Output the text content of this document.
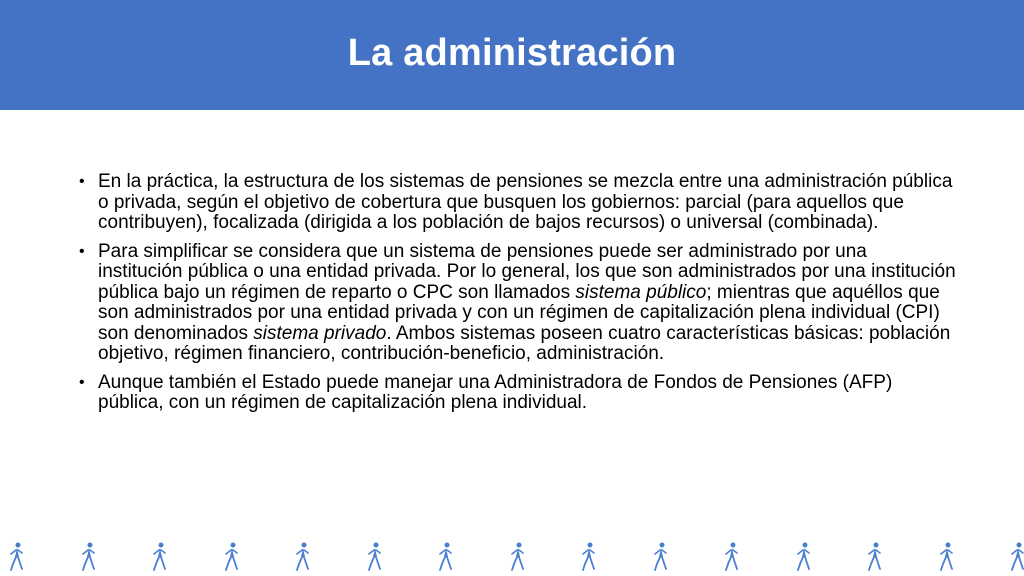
La administración
• En la práctica, la estructura de los sistemas de pensiones se mezcla entre una administración pública o privada, según el objetivo de cobertura que busquen los gobiernos: parcial (para aquellos que contribuyen), focalizada (dirigida a los población de bajos recursos) o universal (combinada).
• Para simplificar se considera que un sistema de pensiones puede ser administrado por una institución pública o una entidad privada. Por lo general, los que son administrados por una institución pública bajo un régimen de reparto o CPC son llamados sistema público; mientras que aquéllos que son administrados por una entidad privada y con un régimen de capitalización plena individual (CPI) son denominados sistema privado. Ambos sistemas poseen cuatro características básicas: población objetivo, régimen financiero, contribución-beneficio, administración.
• Aunque también el Estado puede manejar una Administradora de Fondos de Pensiones (AFP) pública, con un régimen de capitalización plena individual.
